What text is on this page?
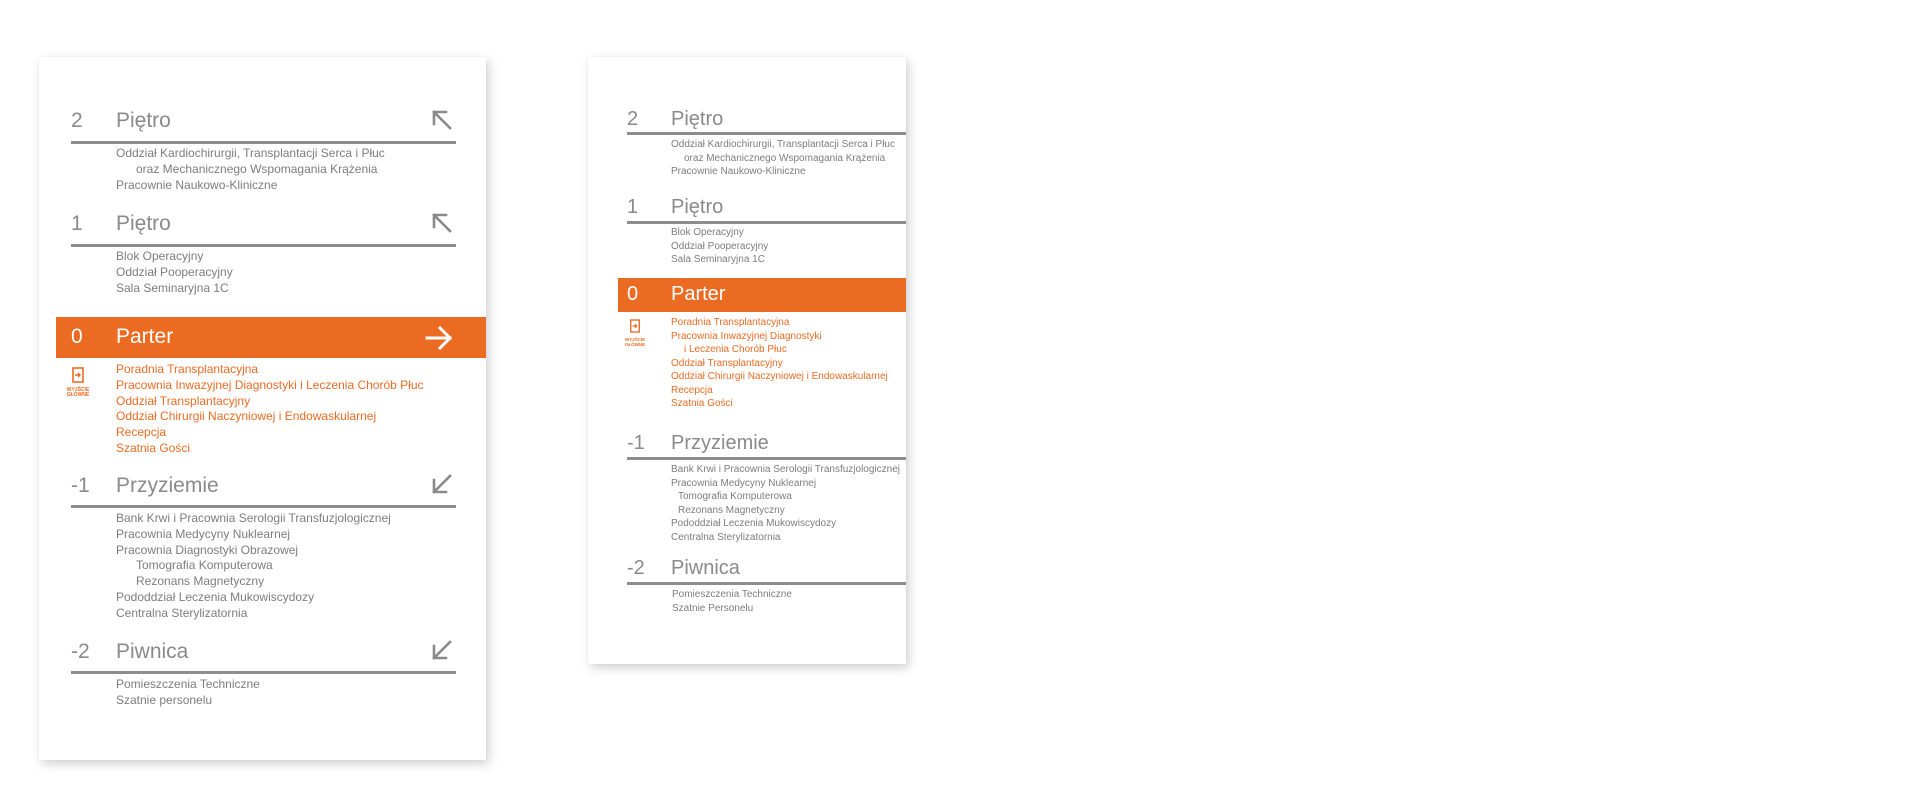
2	Piętro
Oddział Kardiochirurgii, Transplantacji Serca i Płuc
oraz Mechanicznego Wspomagania Krążenia
Pracownie Naukowo-Kliniczne
1	Piętro
Blok Operacyjny
Oddział Pooperacyjny
Sala Seminaryjna 1C
0	Parter
WYJŚCIE
GŁÓWNE
Poradnia Transplantacyjna
Pracownia Inwazyjnej Diagnostyki i Leczenia Chorób Płuc
Oddział Transplantacyjny
Oddział Chirurgii Naczyniowej i Endowaskularnej
Recepcja
Szatnia Gości
-1	Przyziemie
Bank Krwi i Pracownia Serologii Transfuzjologicznej
Pracownia Medycyny Nuklearnej
Pracownia Diagnostyki Obrazowej
Tomografia Komputerowa
Rezonans Magnetyczny
Pododdział Leczenia Mukowiscydozy
Centralna Sterylizatornia
-2	Piwnica
Pomieszczenia Techniczne
Szatnie personelu
2	Piętro
Oddział Kardiochirurgii, Transplantacji Serca i Płuc
oraz Mechanicznego Wspomagania Krążenia
Pracownie Naukowo-Kliniczne
1	Piętro
Blok Operacyjny
Oddział Pooperacyjny
Sala Seminaryjna 1C
0	Parter
WYJŚCIE
GŁÓWNE
Poradnia Transplantacyjna
Pracownia Inwazyjnej Diagnostyki
i Leczenia Chorób Płuc
Oddział Transplantacyjny
Oddział Chirurgii Naczyniowej i Endowaskularnej
Recepcja
Szatnia Gości
-1	Przyziemie
Bank Krwi i Pracownia Serologii Transfuzjologicznej
Pracownia Medycyny Nuklearnej
Tomografia Komputerowa
Rezonans Magnetyczny
Pododdział Leczenia Mukowiscydozy
Centralna Sterylizatornia
-2	Piwnica
Pomieszczenia Techniczne
Szatnie Personelu
